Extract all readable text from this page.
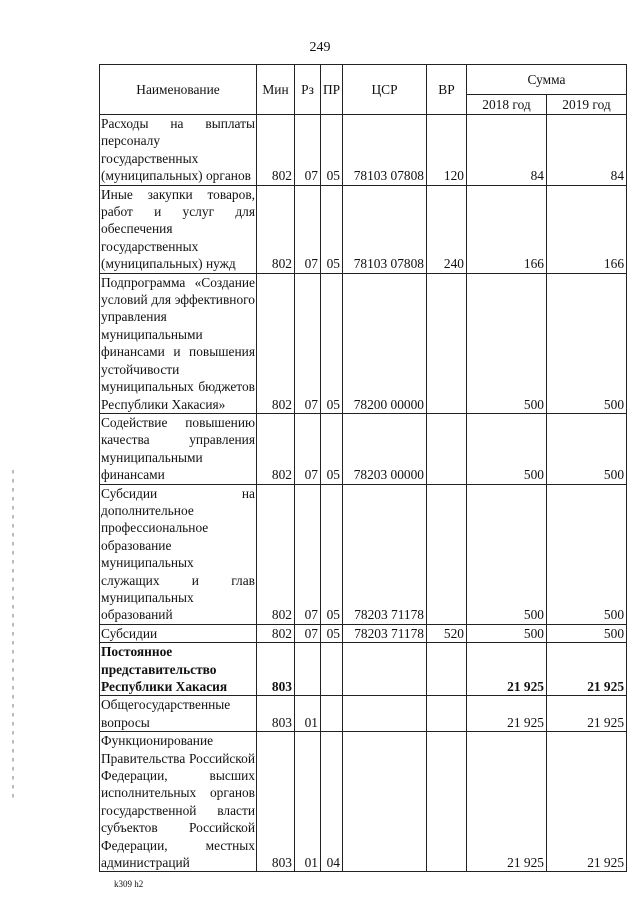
249
Наименование	Мин	Рз	ПР	ЦСР	ВР	Сумма	
						2018 год	2019 год
Расходы на выплаты персоналу государственных (муниципальных) органов	802	07	05	78103 07808	120	84	84
Иные закупки товаров, работ и услуг для обеспечения государственных (муниципальных) нужд	802	07	05	78103 07808	240	166	166
Подпрограмма «Создание условий для эффективного управления муниципальными финансами и повышения устойчивости муниципальных бюджетов Республики Хакасия»	802	07	05	78200 00000		500	500
Содействие повышению качества управления муниципальными финансами	802	07	05	78203 00000		500	500
Субсидии на дополнительное профессиональное образование муниципальных служащих и глав муниципальных образований	802	07	05	78203 71178		500	500
Субсидии	802	07	05	78203 71178	520	500	500
Постоянное представительство Республики Хакасия	803					21 925	21 925
Общегосударственные вопросы	803	01				21 925	21 925
Функционирование Правительства Российской Федерации, высших исполнительных органов государственной власти субъектов Российской Федерации, местных администраций	803	01	04			21 925	21 925
k309 h2
